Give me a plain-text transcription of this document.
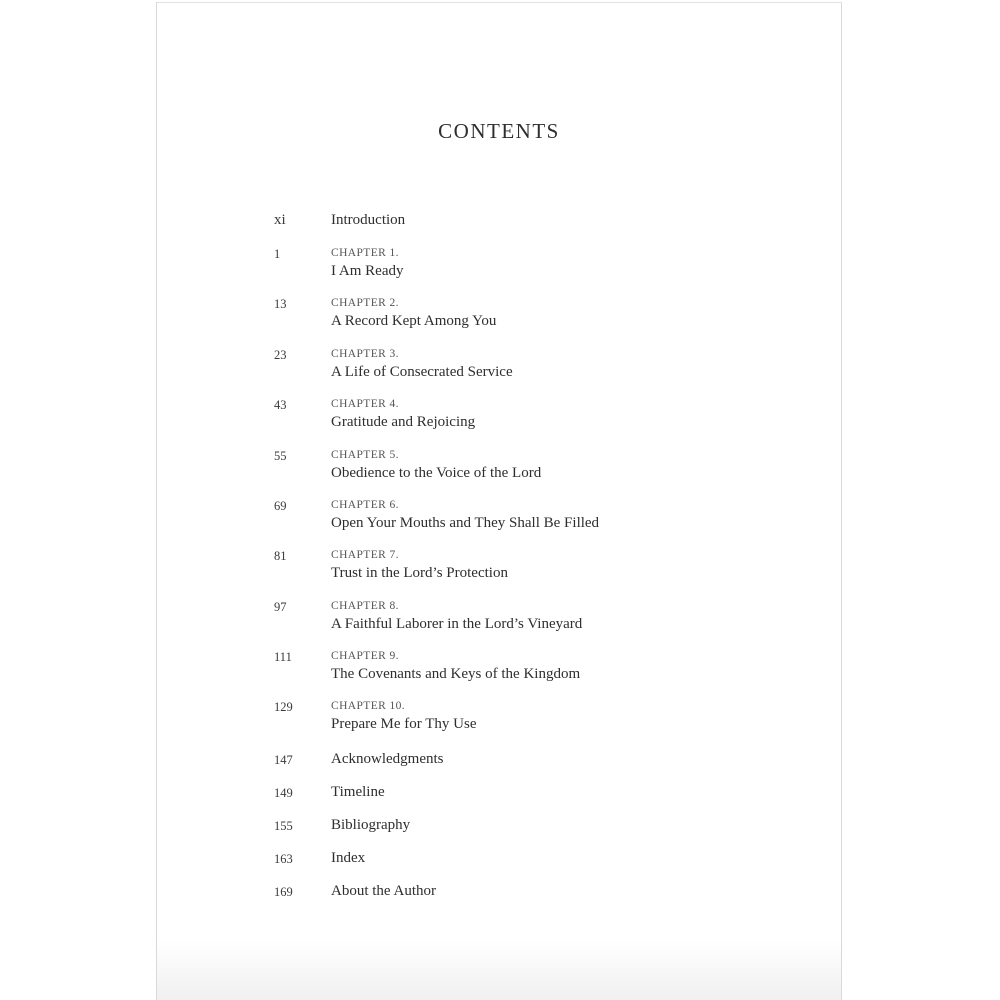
CONTENTS
xi	Introduction
1	CHAPTER 1.
I Am Ready
13	CHAPTER 2.
A Record Kept Among You
23	CHAPTER 3.
A Life of Consecrated Service
43	CHAPTER 4.
Gratitude and Rejoicing
55	CHAPTER 5.
Obedience to the Voice of the Lord
69	CHAPTER 6.
Open Your Mouths and They Shall Be Filled
81	CHAPTER 7.
Trust in the Lord’s Protection
97	CHAPTER 8.
A Faithful Laborer in the Lord’s Vineyard
111	CHAPTER 9.
The Covenants and Keys of the Kingdom
129	CHAPTER 10.
Prepare Me for Thy Use
147	Acknowledgments
149	Timeline
155	Bibliography
163	Index
169	About the Author
